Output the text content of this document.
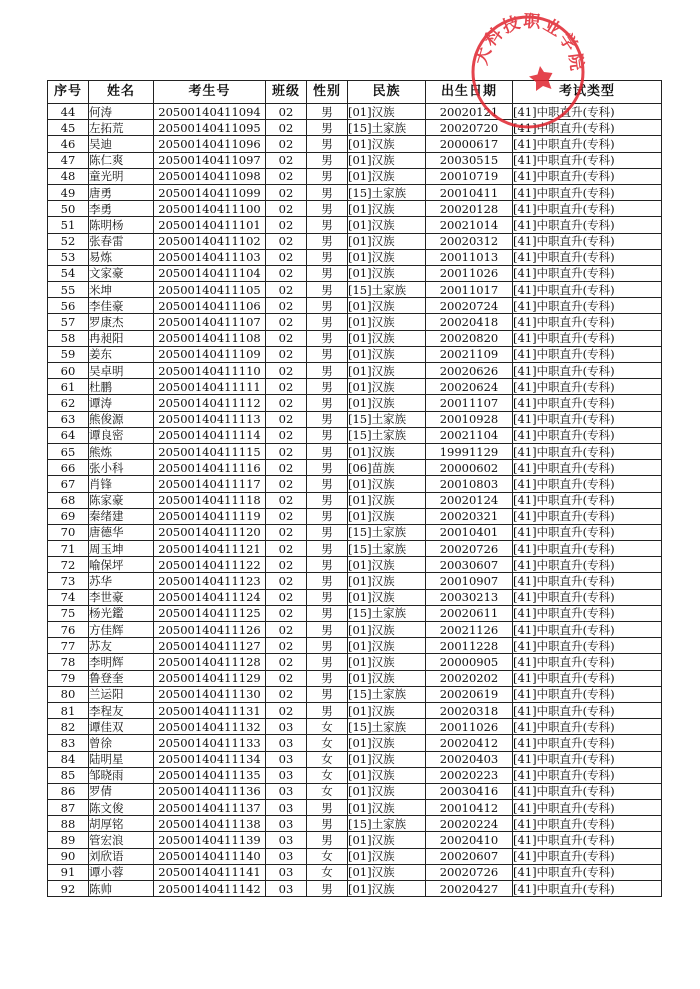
序号	姓名	考生号	班级	性别	民族	出生日期	考试类型
44	何涛	20500140411094	02	男	[01]汉族	20020121	[41]中职直升(专科)
45	左拓荒	20500140411095	02	男	[15]土家族	20020720	[41]中职直升(专科)
46	吴迪	20500140411096	02	男	[01]汉族	20000617	[41]中职直升(专科)
47	陈仁爽	20500140411097	02	男	[01]汉族	20030515	[41]中职直升(专科)
48	童光明	20500140411098	02	男	[01]汉族	20010719	[41]中职直升(专科)
49	唐勇	20500140411099	02	男	[15]土家族	20010411	[41]中职直升(专科)
50	李勇	20500140411100	02	男	[01]汉族	20020128	[41]中职直升(专科)
51	陈明杨	20500140411101	02	男	[01]汉族	20021014	[41]中职直升(专科)
52	张春雷	20500140411102	02	男	[01]汉族	20020312	[41]中职直升(专科)
53	易炼	20500140411103	02	男	[01]汉族	20011013	[41]中职直升(专科)
54	文家豪	20500140411104	02	男	[01]汉族	20011026	[41]中职直升(专科)
55	米坤	20500140411105	02	男	[15]土家族	20011017	[41]中职直升(专科)
56	李佳豪	20500140411106	02	男	[01]汉族	20020724	[41]中职直升(专科)
57	罗康杰	20500140411107	02	男	[01]汉族	20020418	[41]中职直升(专科)
58	冉昶阳	20500140411108	02	男	[01]汉族	20020820	[41]中职直升(专科)
59	姜东	20500140411109	02	男	[01]汉族	20021109	[41]中职直升(专科)
60	吴卓明	20500140411110	02	男	[01]汉族	20020626	[41]中职直升(专科)
61	杜鹏	20500140411111	02	男	[01]汉族	20020624	[41]中职直升(专科)
62	谭涛	20500140411112	02	男	[01]汉族	20011107	[41]中职直升(专科)
63	熊俊源	20500140411113	02	男	[15]土家族	20010928	[41]中职直升(专科)
64	谭良密	20500140411114	02	男	[15]土家族	20021104	[41]中职直升(专科)
65	熊炼	20500140411115	02	男	[01]汉族	19991129	[41]中职直升(专科)
66	张小科	20500140411116	02	男	[06]苗族	20000602	[41]中职直升(专科)
67	肖锋	20500140411117	02	男	[01]汉族	20010803	[41]中职直升(专科)
68	陈家豪	20500140411118	02	男	[01]汉族	20020124	[41]中职直升(专科)
69	秦绪建	20500140411119	02	男	[01]汉族	20020321	[41]中职直升(专科)
70	唐德华	20500140411120	02	男	[15]土家族	20010401	[41]中职直升(专科)
71	周玉坤	20500140411121	02	男	[15]土家族	20020726	[41]中职直升(专科)
72	喻保坪	20500140411122	02	男	[01]汉族	20030607	[41]中职直升(专科)
73	苏华	20500140411123	02	男	[01]汉族	20010907	[41]中职直升(专科)
74	李世豪	20500140411124	02	男	[01]汉族	20030213	[41]中职直升(专科)
75	杨光鑑	20500140411125	02	男	[15]土家族	20020611	[41]中职直升(专科)
76	方佳辉	20500140411126	02	男	[01]汉族	20021126	[41]中职直升(专科)
77	苏友	20500140411127	02	男	[01]汉族	20011228	[41]中职直升(专科)
78	李明辉	20500140411128	02	男	[01]汉族	20000905	[41]中职直升(专科)
79	鲁登奎	20500140411129	02	男	[01]汉族	20020202	[41]中职直升(专科)
80	兰运阳	20500140411130	02	男	[15]土家族	20020619	[41]中职直升(专科)
81	李程友	20500140411131	02	男	[01]汉族	20020318	[41]中职直升(专科)
82	谭佳双	20500140411132	03	女	[15]土家族	20011026	[41]中职直升(专科)
83	曾徐	20500140411133	03	女	[01]汉族	20020412	[41]中职直升(专科)
84	陆明星	20500140411134	03	女	[01]汉族	20020403	[41]中职直升(专科)
85	邹晓雨	20500140411135	03	女	[01]汉族	20020223	[41]中职直升(专科)
86	罗倩	20500140411136	03	女	[01]汉族	20030416	[41]中职直升(专科)
87	陈文俊	20500140411137	03	男	[01]汉族	20010412	[41]中职直升(专科)
88	胡厚铭	20500140411138	03	男	[15]土家族	20020224	[41]中职直升(专科)
89	管宏浪	20500140411139	03	男	[01]汉族	20020410	[41]中职直升(专科)
90	刘欣语	20500140411140	03	女	[01]汉族	20020607	[41]中职直升(专科)
91	谭小蓉	20500140411141	03	女	[01]汉族	20020726	[41]中职直升(专科)
92	陈帅	20500140411142	03	男	[01]汉族	20020427	[41]中职直升(专科)
大科技职业学院
